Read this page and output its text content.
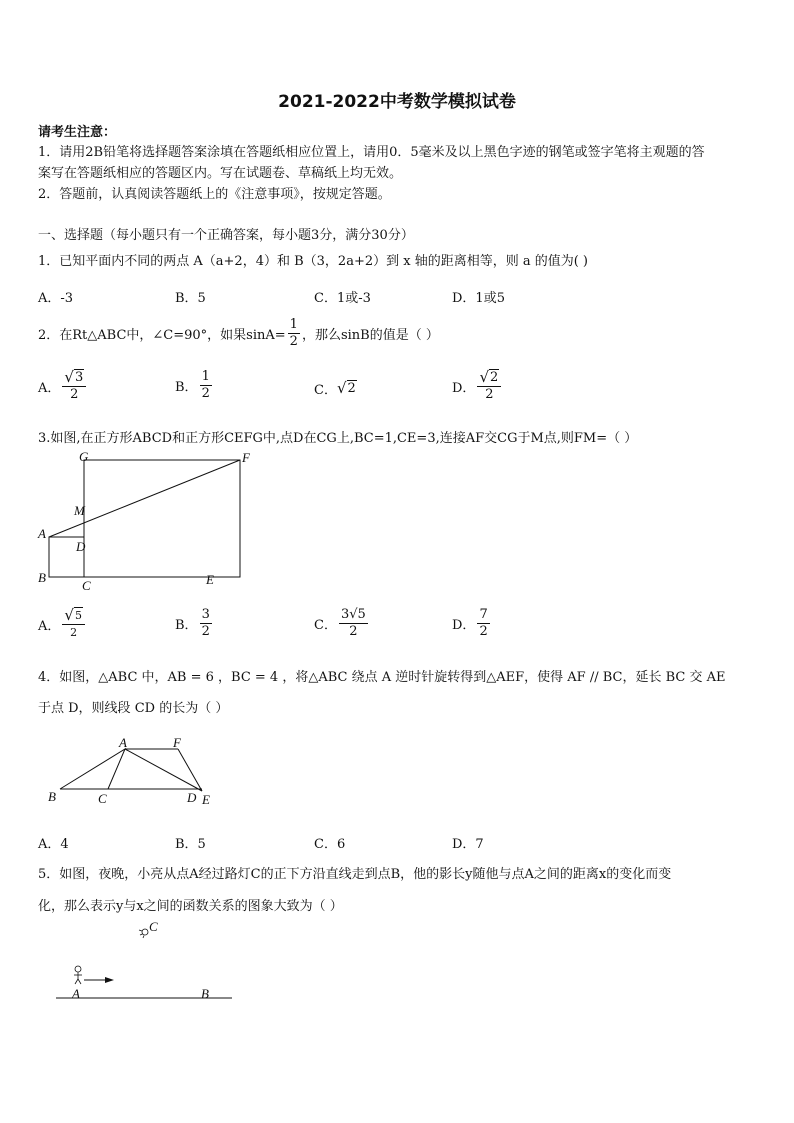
2021-2022中考数学模拟试卷
请考生注意：
1．请用2B铅笔将选择题答案涂填在答题纸相应位置上，请用0．5毫米及以上黑色字迹的钢笔或签字笔将主观题的答
案写在答题纸相应的答题区内。写在试题卷、草稿纸上均无效。
2．答题前，认真阅读答题纸上的《注意事项》，按规定答题。
一、选择题（每小题只有一个正确答案，每小题3分，满分30分）
1．已知平面内不同的两点 A（a+2，4）和 B（3，2a+2）到 x 轴的距离相等，则 a 的值为( )
A．-3	B．5	C．1或-3	D．1或5
2．在Rt△ABC中，∠C=90°，如果$\sin A= \frac{1}{2}$ ，那么sinB的值是（ ）
A． $\frac{√ 3}{2}$	B． $\frac{1}{2}$	C． √ 2	D． $\frac{√ 2}{2}$
3.如图,在正方形ABCD和正方形CEFG中,点D在CG上,BC=1,CE=3,连接AF交CG于M点,则FM=（ ）
G	F
M
A
D
B
C	E
A． $\frac{√ 5}{2}$	B． $\frac{3}{2}$	C． $\frac{3 √ 5}{2}$	D． $\frac{7}{2}$
4．如图，△ABC 中，AB = 6 ，BC = 4 ，将△ABC 绕点 A 逆时针旋转得到△AEF，使得 AF // BC，延长 BC 交 AE
于点 D，则线段 CD 的长为（ ）
A	F
B	C	D E
A．4	B．5	C．6	D．7
5．如图，夜晚，小亮从点A经过路灯C的正下方沿直线走到点B，他的影长y随他与点A之间的距离x的变化而变
化，那么表示y与x之间的函数关系的图象大致为（ ）
C
A	B
